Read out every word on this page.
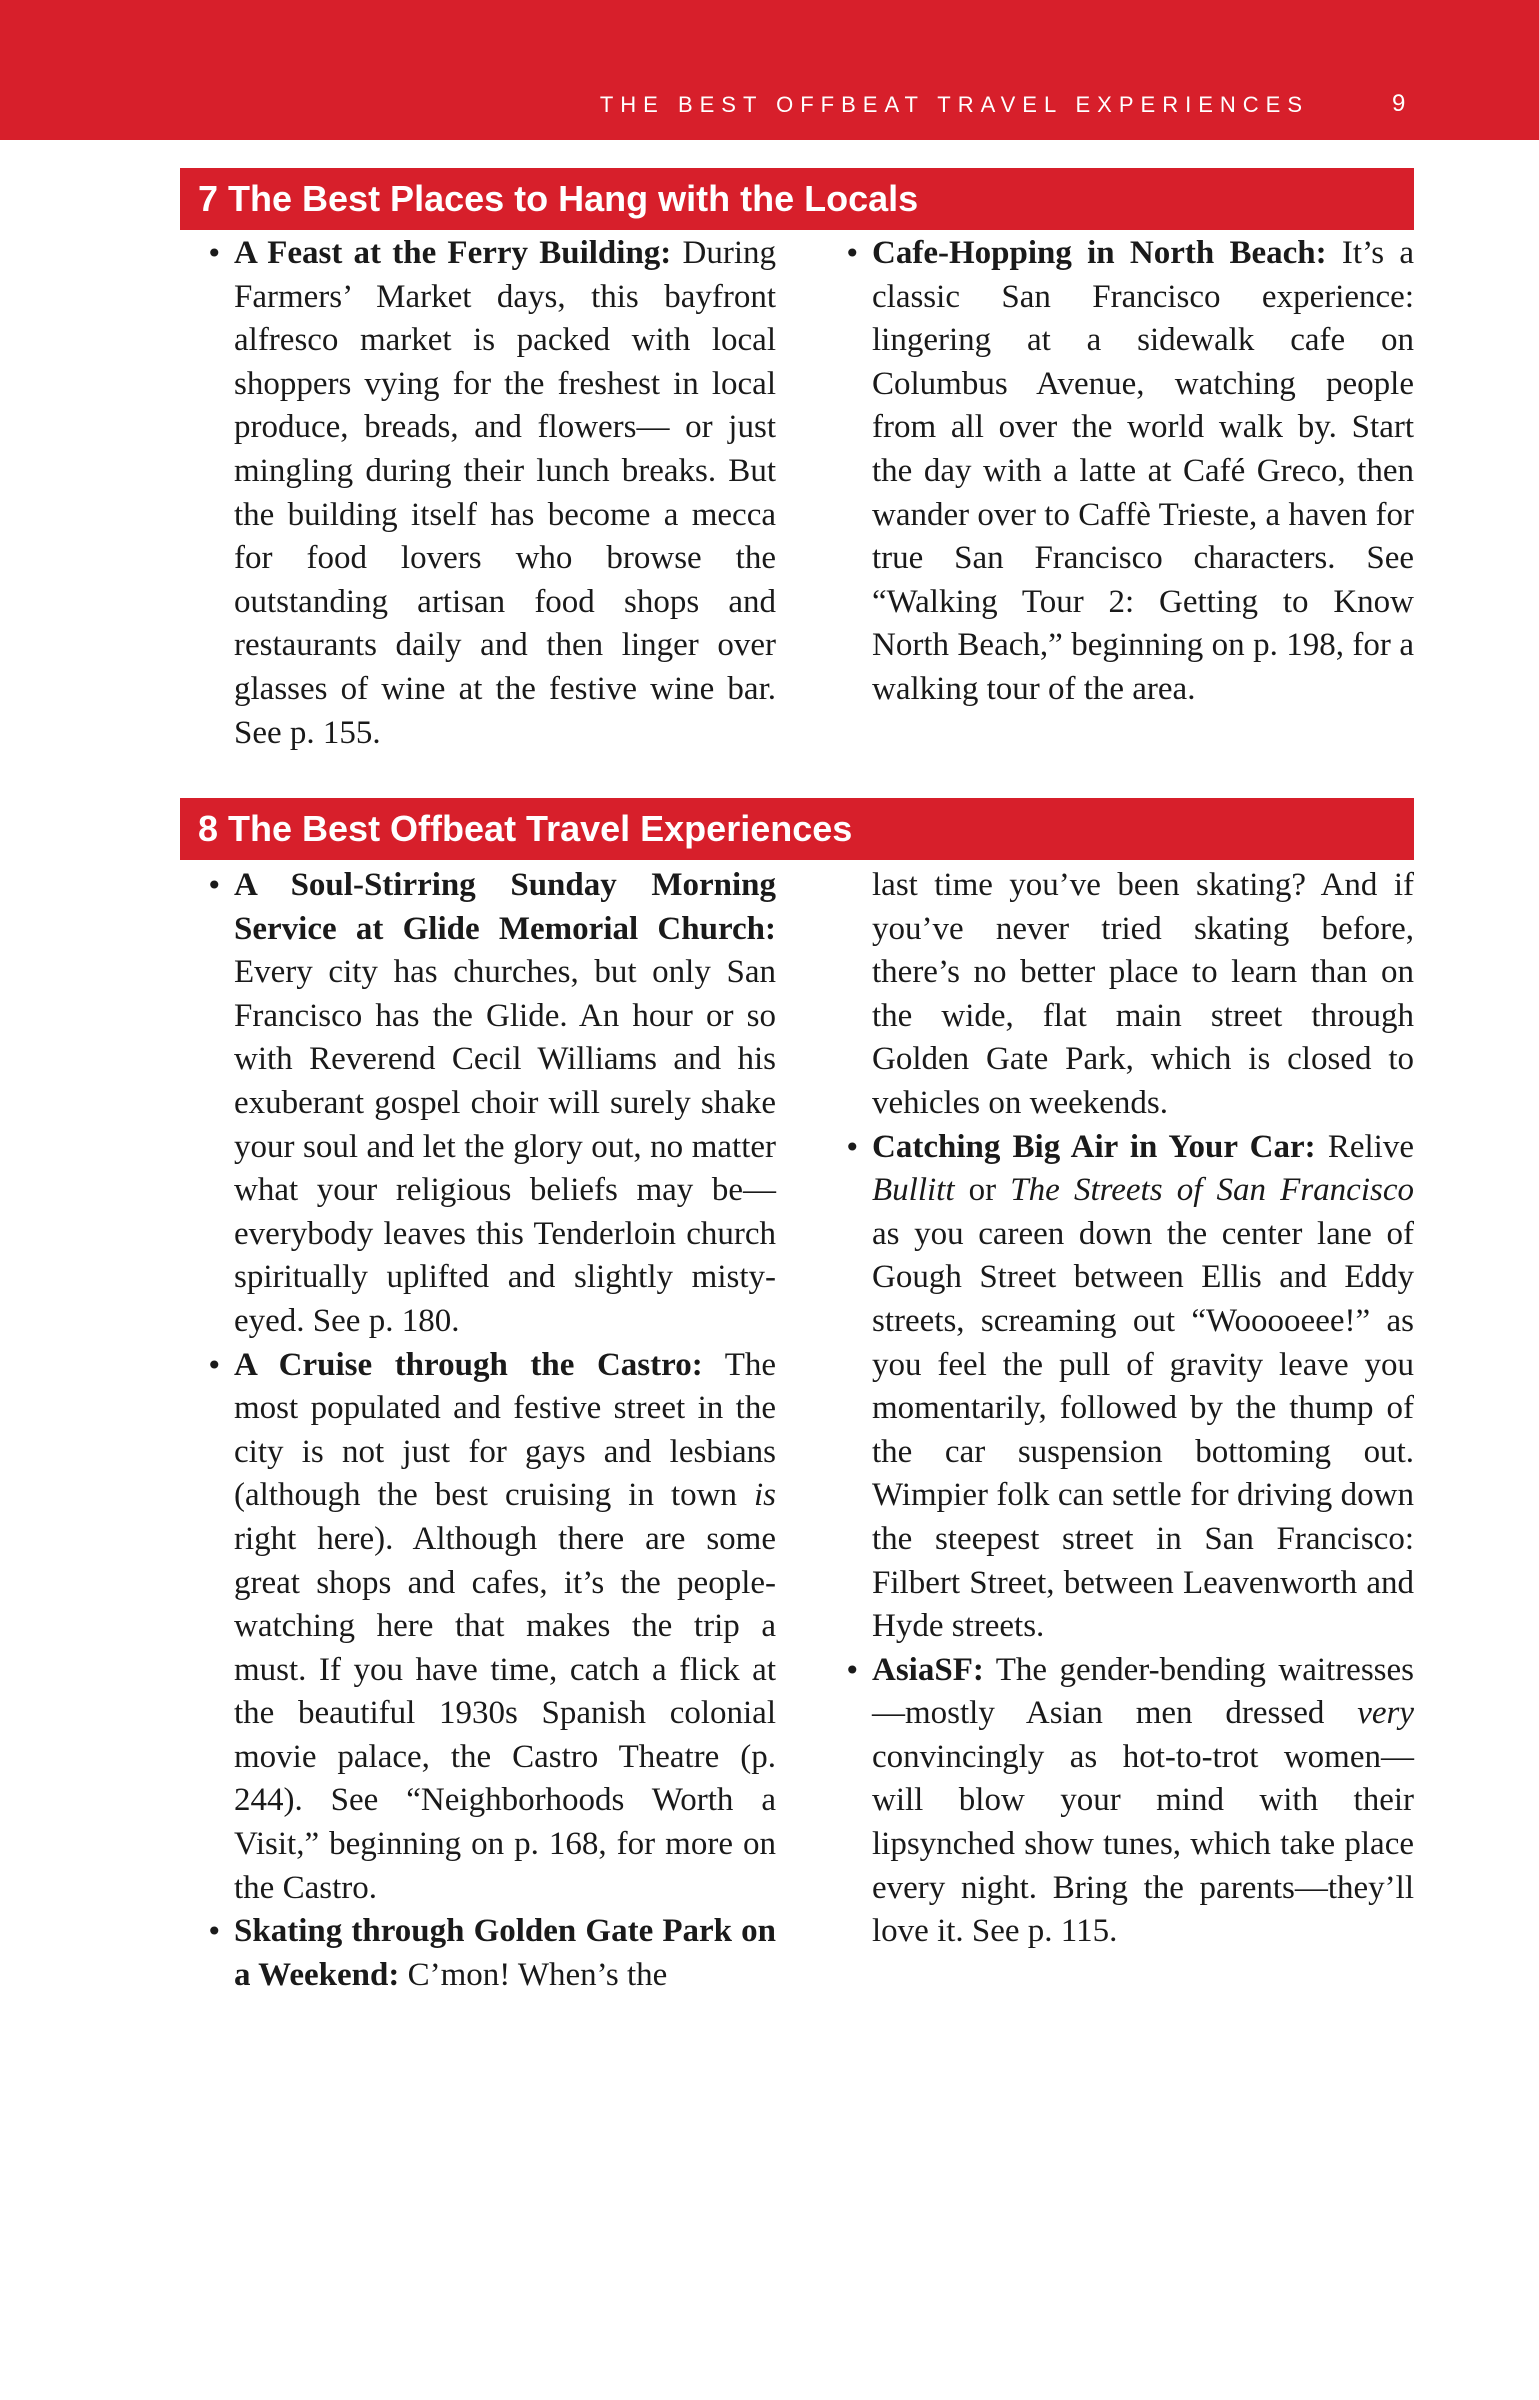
THE BEST OFFBEAT TRAVEL EXPERIENCES	9
7 The Best Places to Hang with the Locals
• A Feast at the Ferry Building: During Farmers’ Market days, this bayfront alfresco market is packed with local shoppers vying for the freshest in local produce, breads, and flowers— or just mingling during their lunch breaks. But the building itself has become a mecca for food lovers who browse the outstanding artisan food shops and restaurants daily and then linger over glasses of wine at the festive wine bar. See p. 155.
• Cafe-Hopping in North Beach: It’s a classic San Francisco experience: lingering at a sidewalk cafe on Columbus Avenue, watching people from all over the world walk by. Start the day with a latte at Café Greco, then wander over to Caffè Trieste, a haven for true San Francisco characters. See “Walking Tour 2: Getting to Know North Beach,” beginning on p. 198, for a walking tour of the area.
8 The Best Offbeat Travel Experiences
• A Soul-Stirring Sunday Morning Service at Glide Memorial Church: Every city has churches, but only San Francisco has the Glide. An hour or so with Reverend Cecil Williams and his exuberant gospel choir will surely shake your soul and let the glory out, no matter what your religious beliefs may be—everybody leaves this Tenderloin church spiritually uplifted and slightly misty-eyed. See p. 180.
• A Cruise through the Castro: The most populated and festive street in the city is not just for gays and lesbians (although the best cruising in town is right here). Although there are some great shops and cafes, it’s the people-watching here that makes the trip a must. If you have time, catch a flick at the beautiful 1930s Spanish colonial movie palace, the Castro Theatre (p. 244). See “Neighborhoods Worth a Visit,” beginning on p. 168, for more on the Castro.
• Skating through Golden Gate Park on a Weekend: C’mon! When’s the
last time you’ve been skating? And if you’ve never tried skating before, there’s no better place to learn than on the wide, flat main street through Golden Gate Park, which is closed to vehicles on weekends.
• Catching Big Air in Your Car: Relive Bullitt or The Streets of San Francisco as you careen down the center lane of Gough Street between Ellis and Eddy streets, screaming out “Wooooeee!” as you feel the pull of gravity leave you momentarily, followed by the thump of the car suspension bottoming out. Wimpier folk can settle for driving down the steepest street in San Francisco: Filbert Street, between Leavenworth and Hyde streets.
• AsiaSF: The gender-bending waitresses—mostly Asian men dressed very convincingly as hot-to-trot women— will blow your mind with their lipsynched show tunes, which take place every night. Bring the parents—they’ll love it. See p. 115.
